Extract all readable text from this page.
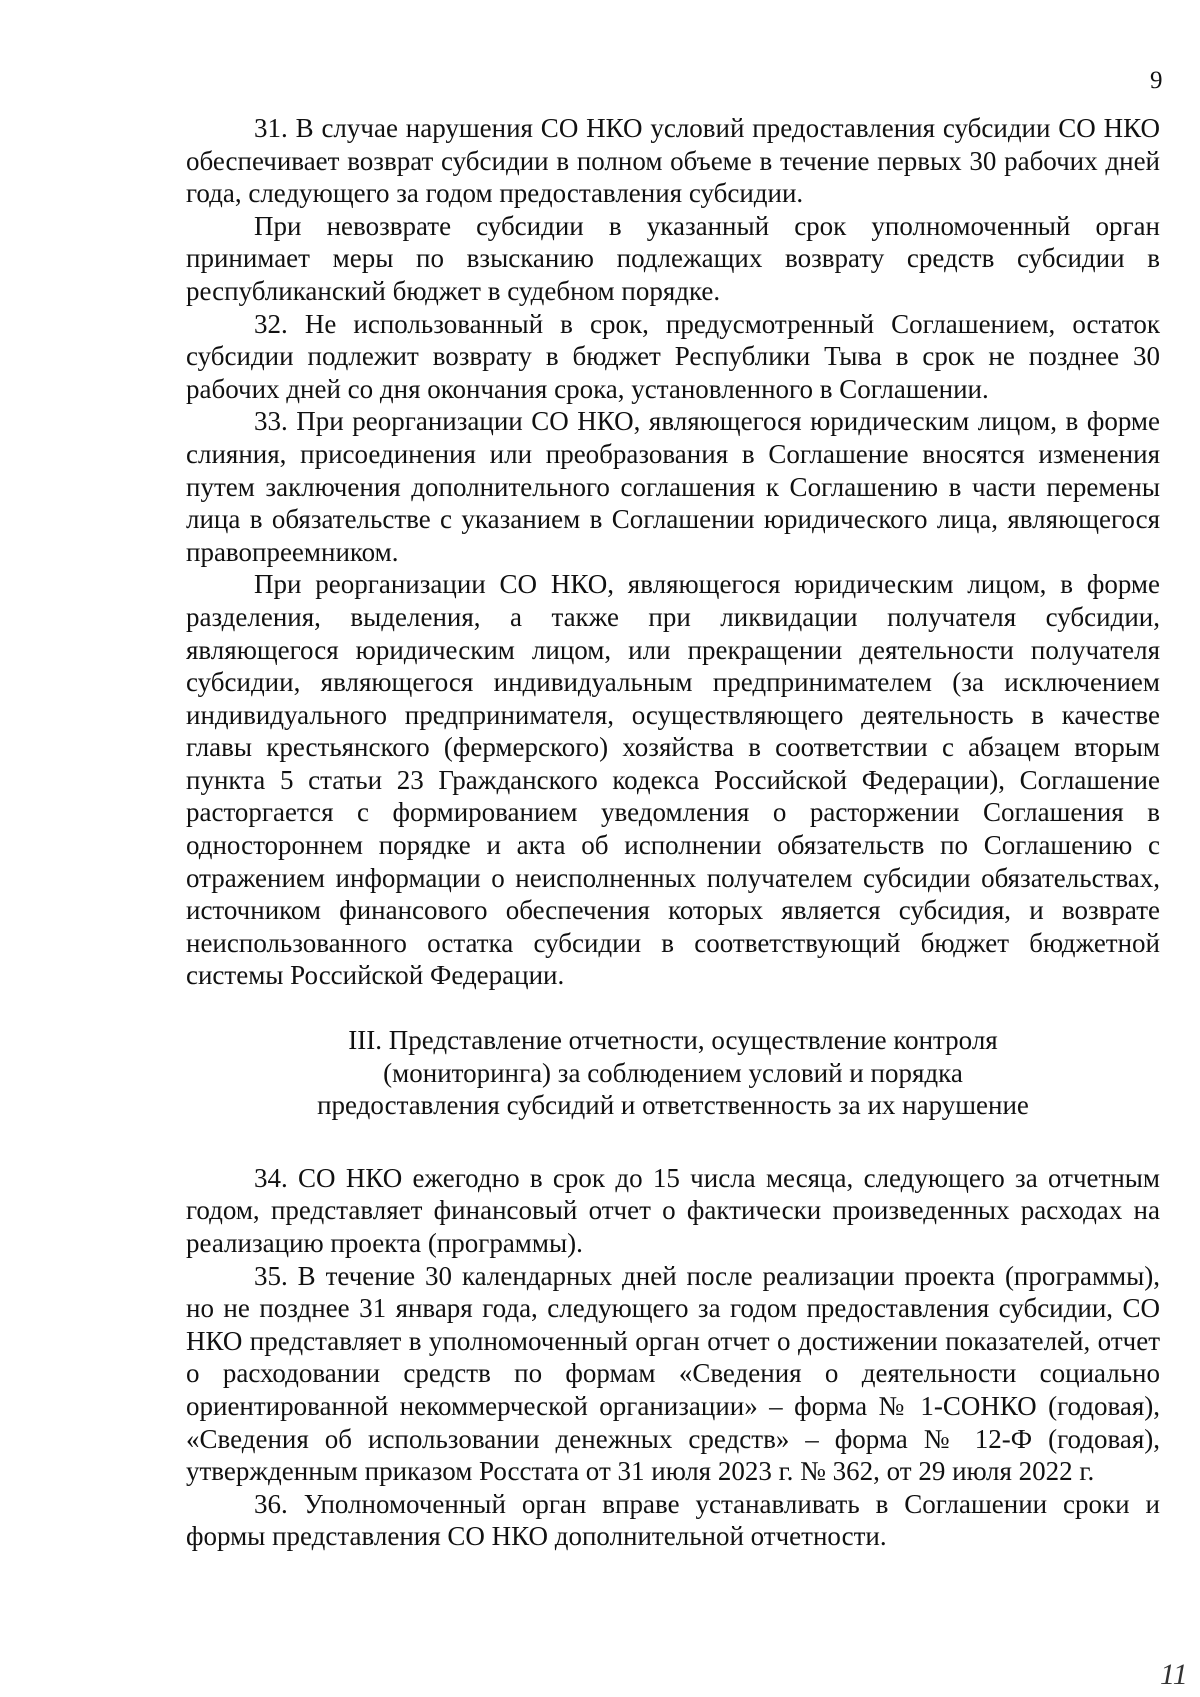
9

31. В случае нарушения СО НКО условий предоставления субсидии СО НКО обеспечивает возврат субсидии в полном объеме в течение первых 30 рабочих дней года, следующего за годом предоставления субсидии.

При невозврате субсидии в указанный срок уполномоченный орган принимает меры по взысканию подлежащих возврату средств субсидии в республиканский бюджет в судебном порядке.

32. Не использованный в срок, предусмотренный Соглашением, остаток субсидии подлежит возврату в бюджет Республики Тыва в срок не позднее 30 рабочих дней со дня окончания срока, установленного в Соглашении.

33. При реорганизации СО НКО, являющегося юридическим лицом, в форме слияния, присоединения или преобразования в Соглашение вносятся изменения путем заключения дополнительного соглашения к Соглашению в части перемены лица в обязательстве с указанием в Соглашении юридического лица, являющегося правопреемником.

При реорганизации СО НКО, являющегося юридическим лицом, в форме разделения, выделения, а также при ликвидации получателя субсидии, являющегося юридическим лицом, или прекращении деятельности получателя субсидии, являющегося индивидуальным предпринимателем (за исключением индивидуального предпринимателя, осуществляющего деятельность в качестве главы крестьянского (фермерского) хозяйства в соответствии с абзацем вторым пункта 5 статьи 23 Гражданского кодекса Российской Федерации), Соглашение расторгается с формированием уведомления о расторжении Соглашения в одностороннем порядке и акта об исполнении обязательств по Соглашению с отражением информации о неисполненных получателем субсидии обязательствах, источником финансового обеспечения которых является субсидия, и возврате неиспользованного остатка субсидии в соответствующий бюджет бюджетной системы Российской Федерации.

III. Представление отчетности, осуществление контроля
(мониторинга) за соблюдением условий и порядка
предоставления субсидий и ответственность за их нарушение

34. СО НКО ежегодно в срок до 15 числа месяца, следующего за отчетным годом, представляет финансовый отчет о фактически произведенных расходах на реализацию проекта (программы).

35. В течение 30 календарных дней после реализации проекта (программы), но не позднее 31 января года, следующего за годом предоставления субсидии, СО НКО представляет в уполномоченный орган отчет о достижении показателей, отчет о расходовании средств по формам «Сведения о деятельности социально ориентированной некоммерческой организации» – форма № 1-СОНКО (годовая), «Сведения об использовании денежных средств» – форма № 12-Ф (годовая), утвержденным приказом Росстата от 31 июля 2023 г. № 362, от 29 июля 2022 г.

36. Уполномоченный орган вправе устанавливать в Соглашении сроки и формы представления СО НКО дополнительной отчетности.

11
